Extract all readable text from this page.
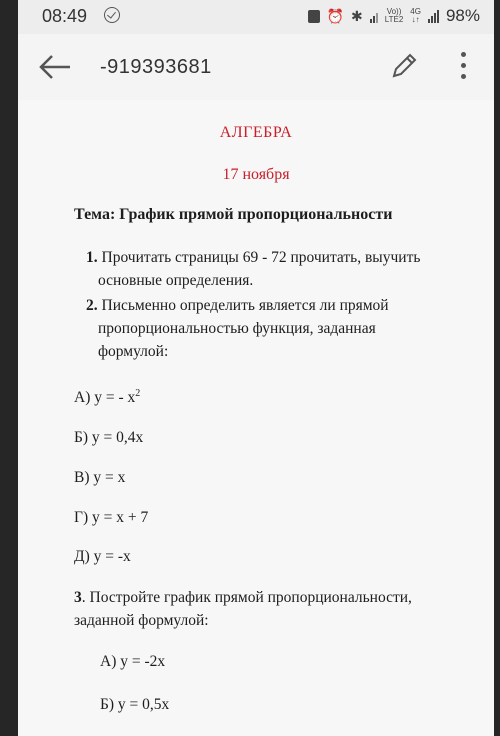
08:49	⏰ ✱	Vo))
LTE2
4G
↓↑ 98%
-919393681
АЛГЕБРА
17 ноября
Тема: График прямой пропорциональности
1. Прочитать страницы 69 - 72 прочитать, выучить
основные определения.
2. Письменно определить является ли прямой
пропорциональностью функция, заданная
формулой:
А) у = - $х^2$
Б) у = 0,4х
В) у = х
Г) у = х + 7
Д) у = -х
3. Постройте график прямой пропорциональности,
заданной формулой:
А) у = -2х
Б) у = 0,5х
